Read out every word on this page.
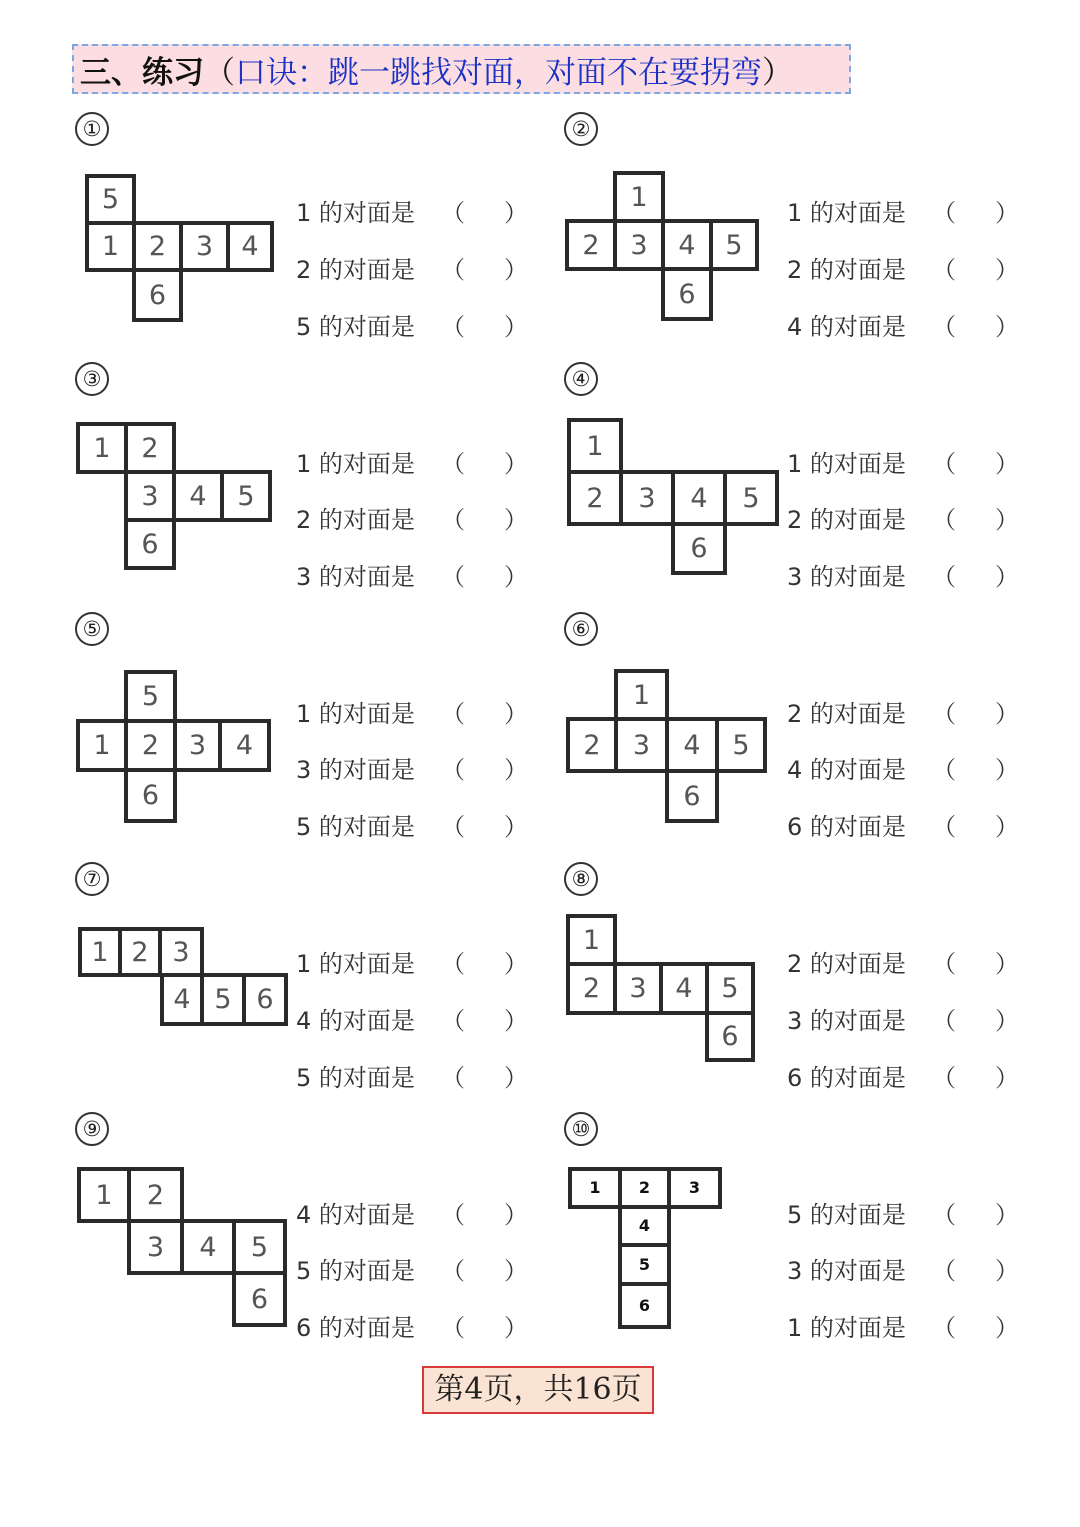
三、练习 （ 口诀：跳一跳找对面，对面不在要拐弯 ）
①	②
③	④
⑤	⑥
⑦	⑧
⑨	⑩
5
1	2	3	4
6
1
2	3	4	5
6
1	2
3	4	5
6
1
2	3	4	5
6
5
1	2	3	4
6
1
2	3	4	5
6
1 2 3
4 5 6
1
2	3	4	5
6
1	2
3	4	5
6
1	2	3
4
5
6
1 的对面是 （ ）
2 的对面是 （ ）
5 的对面是 （ ）
1 的对面是 （ ）
2 的对面是 （ ）
4 的对面是 （ ）
1 的对面是 （ ）
2 的对面是 （ ）
3 的对面是 （ ）
1 的对面是 （ ）
2 的对面是 （ ）
3 的对面是 （ ）
1 的对面是 （ ）
3 的对面是 （ ）
5 的对面是 （ ）
2 的对面是 （ ）
4 的对面是 （ ）
6 的对面是 （ ）
1 的对面是 （ ）
4 的对面是 （ ）
5 的对面是 （ ）
2 的对面是 （ ）
3 的对面是 （ ）
6 的对面是 （ ）
4 的对面是 （ ）
5 的对面是 （ ）
6 的对面是 （ ）
5 的对面是 （ ）
3 的对面是 （ ）
1 的对面是 （ ）
第4页，共16页
